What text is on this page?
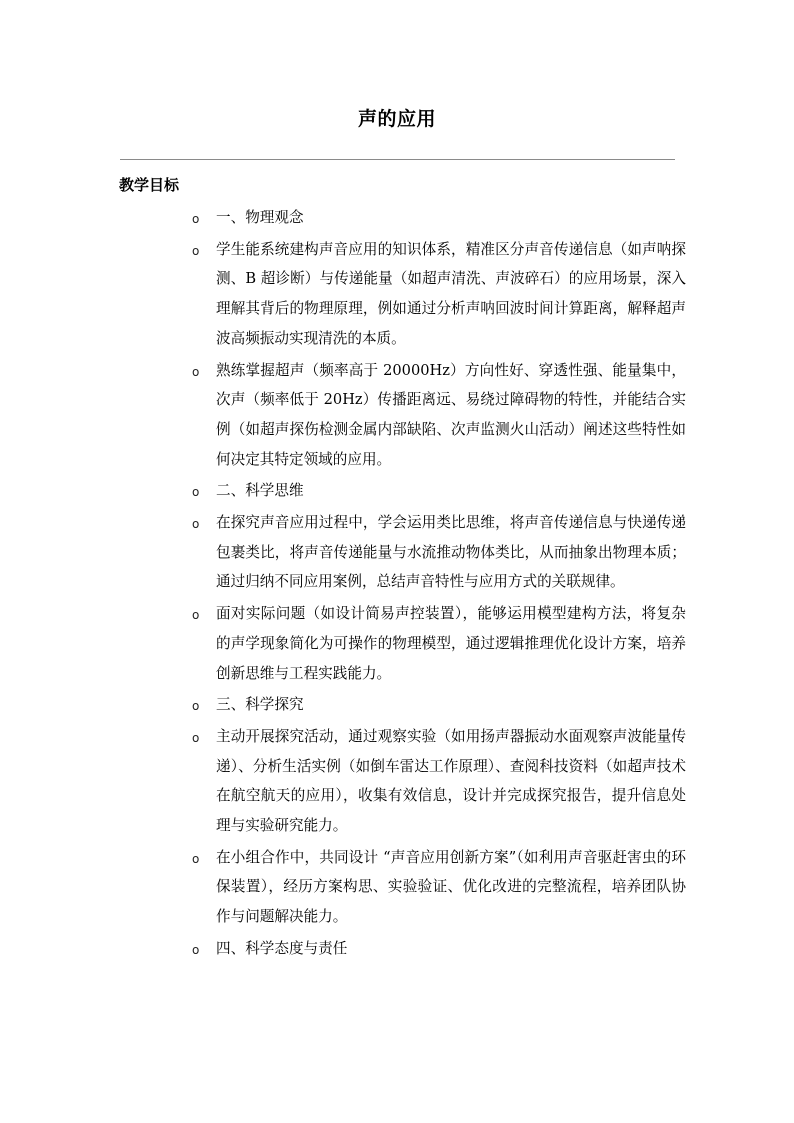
声的应用
教学目标
o 一、物理观念
o 学生能系统建构声音应用的知识体系，精准区分声音传递信息（如声呐探测、B 超诊断）与传递能量（如超声清洗、声波碎石）的应用场景，深入理解其背后的物理原理，例如通过分析声呐回波时间计算距离，解释超声波高频振动实现清洗的本质。
o 熟练掌握超声（频率高于 20000Hz）方向性好、穿透性强、能量集中，次声（频率低于 20Hz）传播距离远、易绕过障碍物的特性，并能结合实例（如超声探伤检测金属内部缺陷、次声监测火山活动）阐述这些特性如何决定其特定领域的应用。
o 二、科学思维
o 在探究声音应用过程中，学会运用类比思维，将声音传递信息与快递传递包裹类比，将声音传递能量与水流推动物体类比，从而抽象出物理本质；通过归纳不同应用案例，总结声音特性与应用方式的关联规律。
o 面对实际问题（如设计简易声控装置），能够运用模型建构方法，将复杂的声学现象简化为可操作的物理模型，通过逻辑推理优化设计方案，培养创新思维与工程实践能力。
o 三、科学探究
o 主动开展探究活动，通过观察实验（如用扬声器振动水面观察声波能量传递）、分析生活实例（如倒车雷达工作原理）、查阅科技资料（如超声技术在航空航天的应用），收集有效信息，设计并完成探究报告，提升信息处理与实验研究能力。
o 在小组合作中，共同设计 “声音应用创新方案”（如利用声音驱赶害虫的环保装置），经历方案构思、实验验证、优化改进的完整流程，培养团队协作与问题解决能力。
o 四、科学态度与责任
